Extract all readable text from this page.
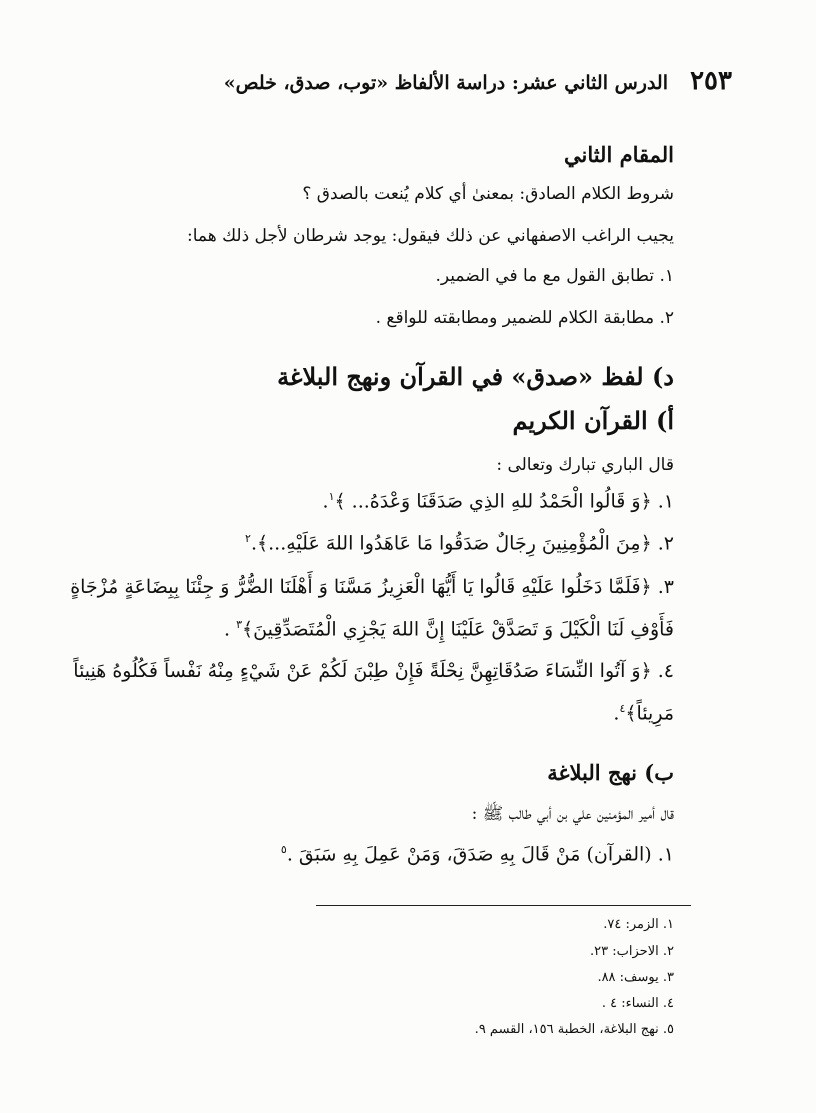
٢٥٣
الدرس الثاني عشر: دراسة الألفاظ «توب، صدق، خلص»
المقام الثاني
شروط الكلام الصادق: بمعنىٰ أي كلام يُنعت بالصدق ؟
يجيب الراغب الاصفهاني عن ذلك فيقول: يوجد شرطان لأجل ذلك هما:
١. تطابق القول مع ما في الضمير.
٢. مطابقة الكلام للضمير ومطابقته للواقع .
د) لفظ «صدق» في القرآن ونهج البلاغة
أ) القرآن الكريم
قال الباري تبارك وتعالى :
١. ﴿وَ قَالُوا الْحَمْدُ للهِ الذِي صَدَقَنَا وَعْدَهُ... ﴾$^١$.
٢. ﴿مِنَ الْمُؤْمِنِينَ رِجَالٌ صَدَقُوا مَا عَاهَدُوا اللهَ عَلَيْهِ...﴾.$^٢$
٣. ﴿فَلَمَّا دَخَلُوا عَلَيْهِ قَالُوا يَا أَيُّهَا الْعَزِيزُ مَسَّنَا وَ أَهْلَنَا الضُّرُّ وَ جِئْنَا بِبِضَاعَةٍ مُزْجَاةٍ
فَأَوْفِ لَنَا الْكَيْلَ وَ تَصَدَّقْ عَلَيْنَا إِنَّ اللهَ يَجْزِي الْمُتَصَدِّقِينَ﴾$^٣$ .
٤. ﴿وَ آتُوا النِّسَاءَ صَدُقَاتِهِنَّ نِحْلَةً فَإِنْ طِبْنَ لَكُمْ عَنْ شَيْءٍ مِنْهُ نَفْساً فَكُلُوهُ هَنِيئاً
مَرِيئاً﴾$^٤$.
ب) نهج البلاغة
قال أمير المؤمنين علي بن أبي طالب ﷺ :
١. (القرآن) مَنْ قَالَ بِهِ صَدَقَ، وَمَنْ عَمِلَ بِهِ سَبَقَ .$^٥$
١. الزمر: ٧٤.
٢. الاحزاب: ٢٣.
٣. يوسف: ٨٨.
٤. النساء: ٤ .
٥. نهج البلاغة، الخطبة ١٥٦، القسم ٩.
